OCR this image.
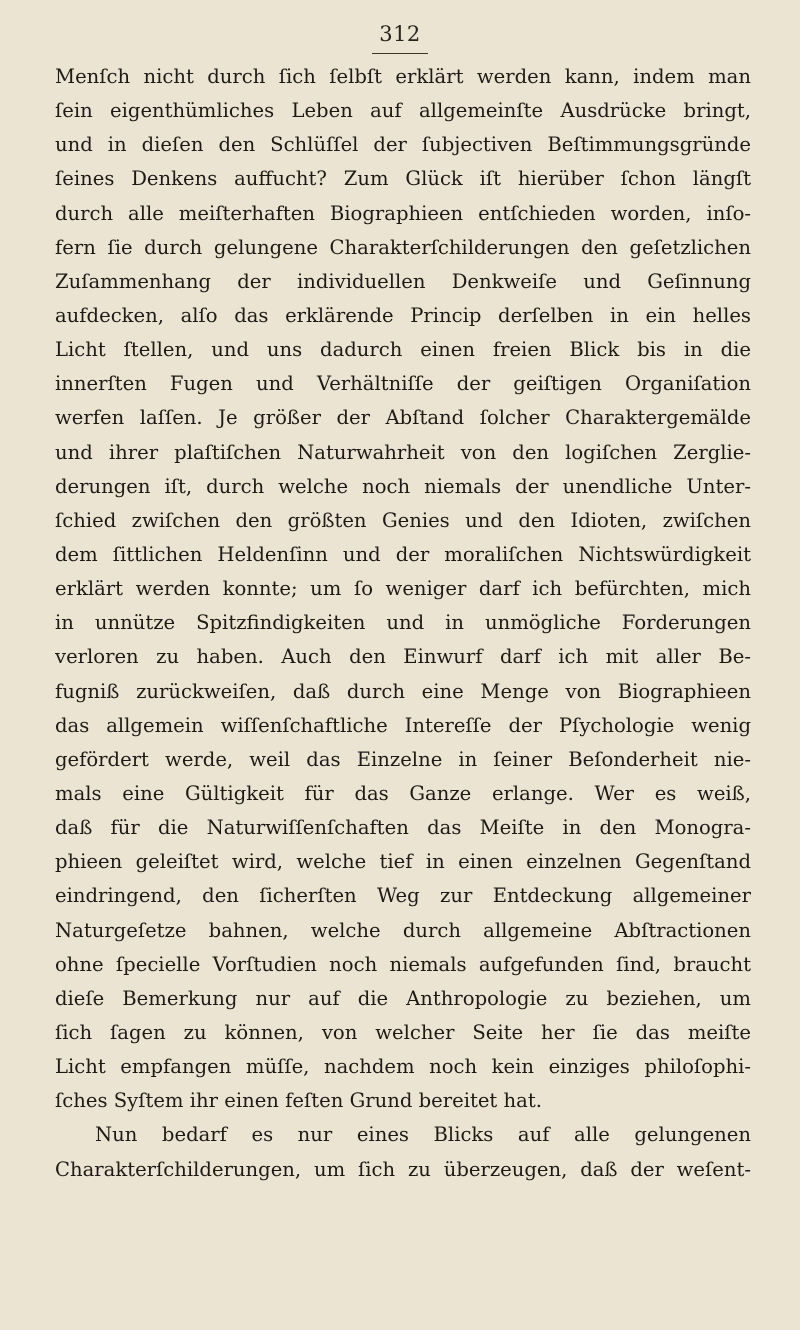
312
Menſch nicht durch ſich ſelbſt erklärt werden kann, indem man
ſein eigenthümliches Leben auf allgemeinſte Ausdrücke bringt,
und in dieſen den Schlüſſel der ſubjectiven Beſtimmungsgründe
ſeines Denkens auffucht? Zum Glück iſt hierüber ſchon längſt
durch alle meiſterhaften Biographieen entſchieden worden, inſo-
fern ſie durch gelungene Charakterſchilderungen den geſetzlichen
Zuſammenhang der individuellen Denkweiſe und Geſinnung
aufdecken, alſo das erklärende Princip derſelben in ein helles
Licht ſtellen, und uns dadurch einen freien Blick bis in die
innerſten Fugen und Verhältniſſe der geiſtigen Organiſation
werfen laſſen. Je größer der Abſtand ſolcher Charaktergemälde
und ihrer plaſtiſchen Naturwahrheit von den logiſchen Zerglie-
derungen iſt, durch welche noch niemals der unendliche Unter-
ſchied zwiſchen den größten Genies und den Idioten, zwiſchen
dem ſittlichen Heldenſinn und der moraliſchen Nichtswürdigkeit
erklärt werden konnte; um ſo weniger darf ich befürchten, mich
in unnütze Spitzfindigkeiten und in unmögliche Forderungen
verloren zu haben. Auch den Einwurf darf ich mit aller Be-
fugniß zurückweiſen, daß durch eine Menge von Biographieen
das allgemein wiſſenſchaftliche Intereſſe der Pſychologie wenig
gefördert werde, weil das Einzelne in ſeiner Beſonderheit nie-
mals eine Gültigkeit für das Ganze erlange. Wer es weiß,
daß für die Naturwiſſenſchaften das Meiſte in den Monogra-
phieen geleiſtet wird, welche tief in einen einzelnen Gegenſtand
eindringend, den ſicherſten Weg zur Entdeckung allgemeiner
Naturgeſetze bahnen, welche durch allgemeine Abſtractionen
ohne ſpecielle Vorſtudien noch niemals aufgefunden ſind, braucht
dieſe Bemerkung nur auf die Anthropologie zu beziehen, um
ſich ſagen zu können, von welcher Seite her ſie das meiſte
Licht empfangen müſſe, nachdem noch kein einziges philoſophi-
ſches Syſtem ihr einen feſten Grund bereitet hat.
Nun bedarf es nur eines Blicks auf alle gelungenen
Charakterſchilderungen, um ſich zu überzeugen, daß der weſent-
